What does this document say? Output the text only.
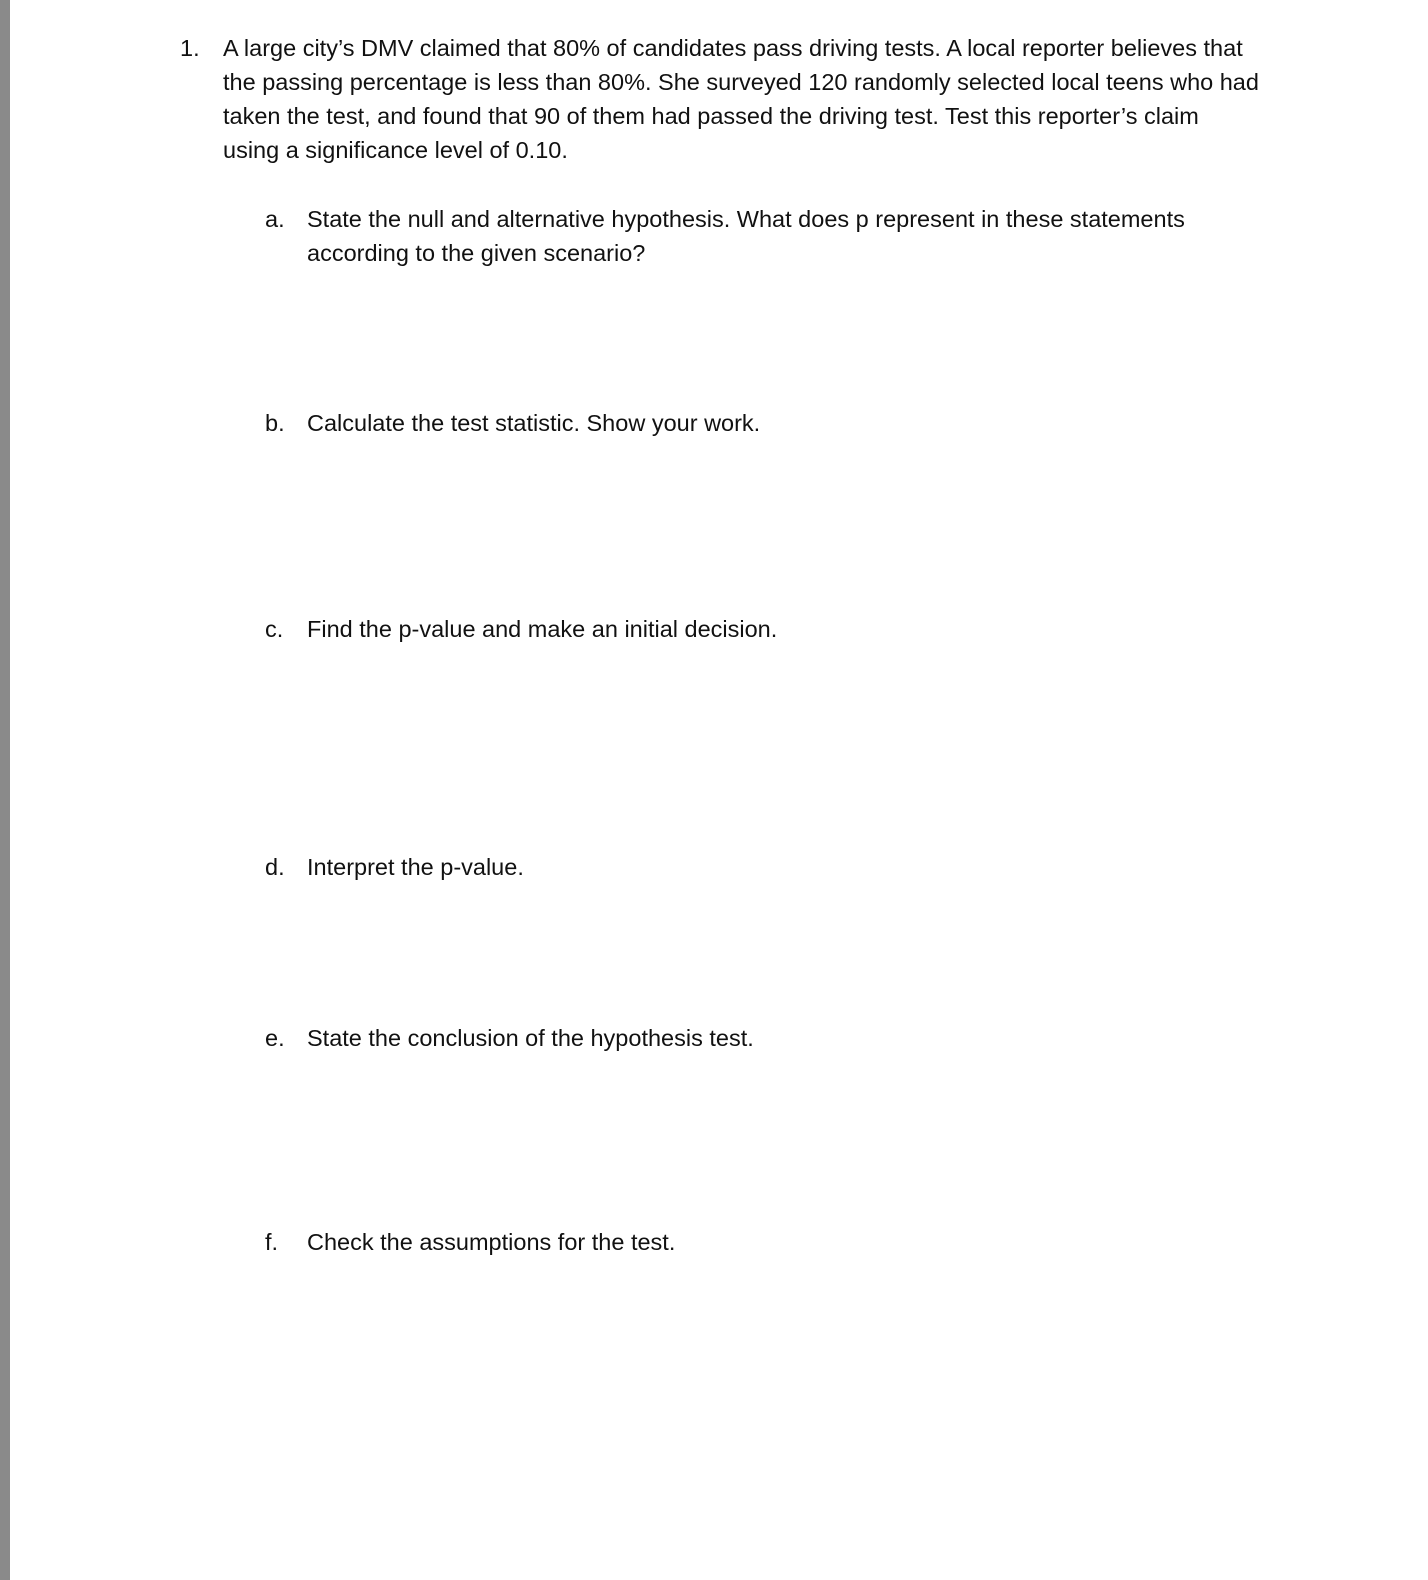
1. A large city’s DMV claimed that 80% of candidates pass driving tests. A local reporter believes that
the passing percentage is less than 80%. She surveyed 120 randomly selected local teens who had
taken the test, and found that 90 of them had passed the driving test. Test this reporter’s claim
using a significance level of 0.10.
a. State the null and alternative hypothesis. What does p represent in these statements
according to the given scenario?
b. Calculate the test statistic. Show your work.
c. Find the p-value and make an initial decision.
d. Interpret the p-value.
e. State the conclusion of the hypothesis test.
f. Check the assumptions for the test.
